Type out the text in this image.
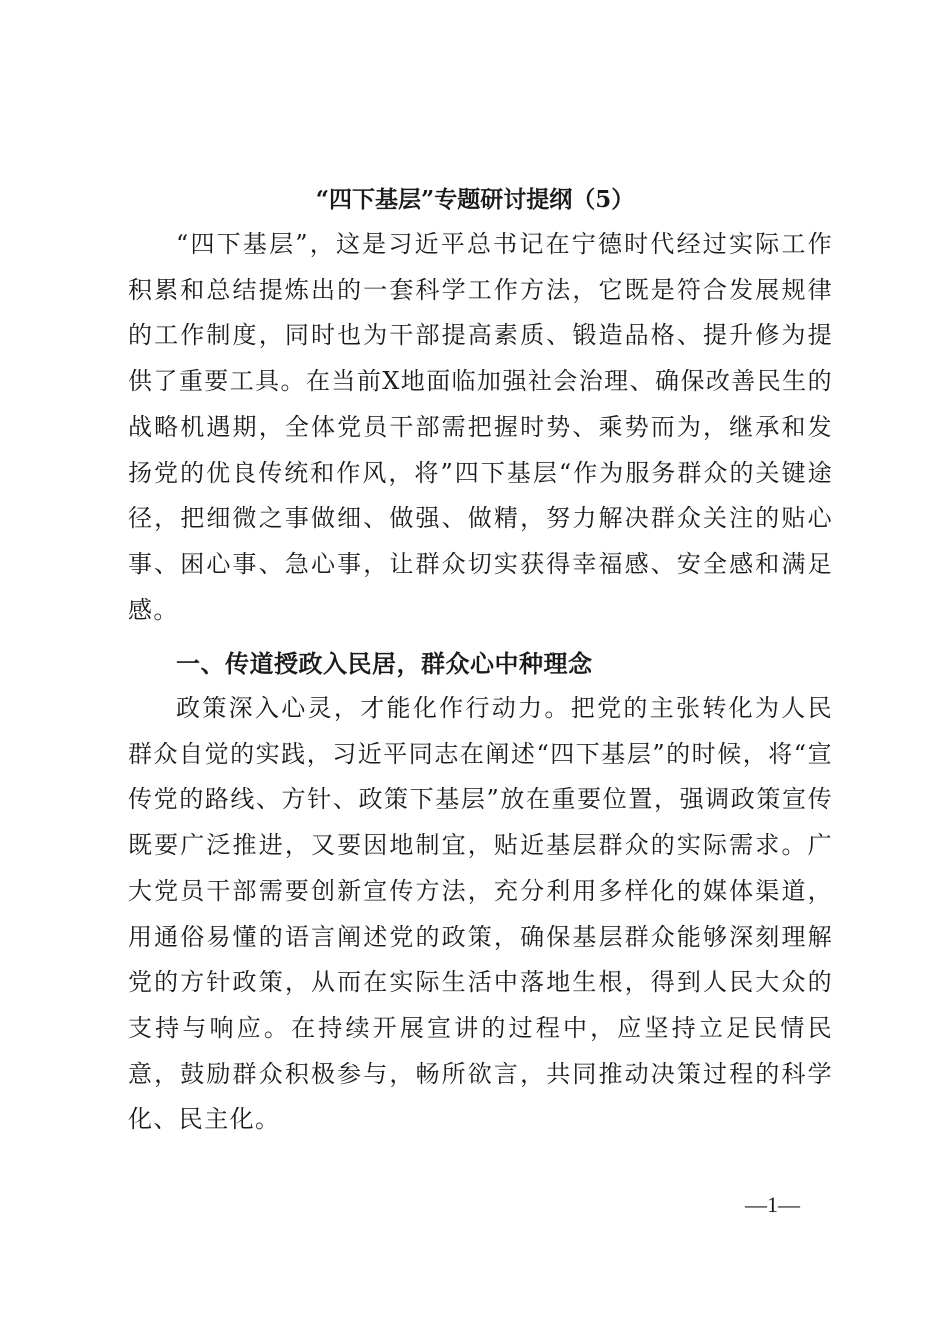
“四下基层”专题研讨提纲（5）

“四下基层”，这是习近平总书记在宁德时代经过实际工作积累和总结提炼出的一套科学工作方法，它既是符合发展规律的工作制度，同时也为干部提高素质、锻造品格、提升修为提供了重要工具。在当前X地面临加强社会治理、确保改善民生的战略机遇期，全体党员干部需把握时势、乘势而为，继承和发扬党的优良传统和作风，将”四下基层“作为服务群众的关键途径，把细微之事做细、做强、做精，努力解决群众关注的贴心事、困心事、急心事，让群众切实获得幸福感、安全感和满足感。

一、传道授政入民居，群众心中种理念

政策深入心灵，才能化作行动力。把党的主张转化为人民群众自觉的实践，习近平同志在阐述“四下基层”的时候，将“宣传党的路线、方针、政策下基层”放在重要位置，强调政策宣传既要广泛推进，又要因地制宜，贴近基层群众的实际需求。广大党员干部需要创新宣传方法，充分利用多样化的媒体渠道，用通俗易懂的语言阐述党的政策，确保基层群众能够深刻理解党的方针政策，从而在实际生活中落地生根，得到人民大众的支持与响应。在持续开展宣讲的过程中，应坚持立足民情民意，鼓励群众积极参与，畅所欲言，共同推动决策过程的科学化、民主化。

—1—
